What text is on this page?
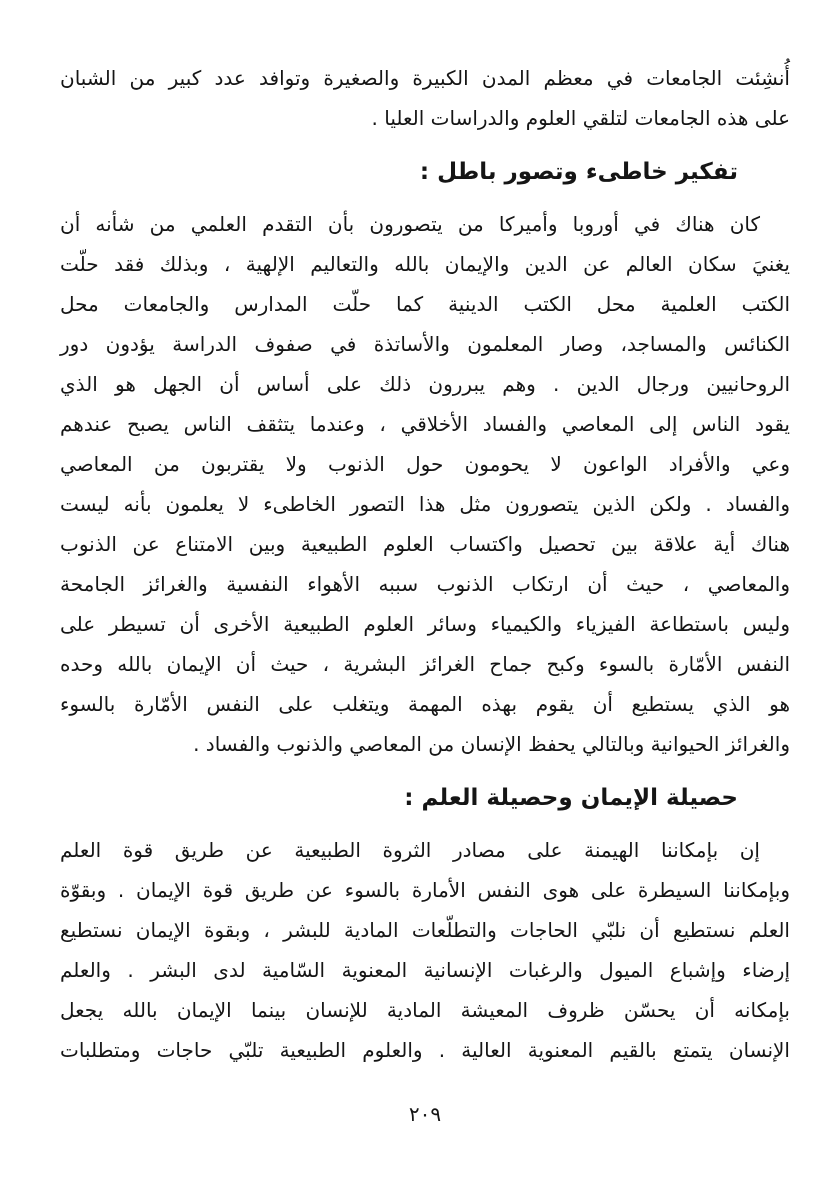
أُنشِئت الجامعات في معظم المدن الكبيرة والصغيرة وتوافد عدد كبير من الشبان
على هذه الجامعات لتلقي العلوم والدراسات العليا .
تفكير خاطىء وتصور باطل :
كان هناك في أوروبا وأميركا من يتصورون بأن التقدم العلمي من شأنه أن
يغنيَ سكان العالم عن الدين والإيمان بالله والتعاليم الإلهية ، وبذلك فقد حلّت
الكتب العلمية محل الكتب الدينية كما حلّت المدارس والجامعات محل
الكنائس والمساجد، وصار المعلمون والأساتذة في صفوف الدراسة يؤدون دور
الروحانيين ورجال الدين . وهم يبررون ذلك على أساس أن الجهل هو الذي
يقود الناس إلى المعاصي والفساد الأخلاقي ، وعندما يتثقف الناس يصبح عندهم
وعي والأفراد الواعون لا يحومون حول الذنوب ولا يقتربون من المعاصي
والفساد . ولكن الذين يتصورون مثل هذا التصور الخاطىء لا يعلمون بأنه ليست
هناك أية علاقة بين تحصيل واكتساب العلوم الطبيعية وبين الامتناع عن الذنوب
والمعاصي ، حيث أن ارتكاب الذنوب سببه الأهواء النفسية والغرائز الجامحة
وليس باستطاعة الفيزياء والكيمياء وسائر العلوم الطبيعية الأخرى أن تسيطر على
النفس الأمّارة بالسوء وكبح جماح الغرائز البشرية ، حيث أن الإيمان بالله وحده
هو الذي يستطيع أن يقوم بهذه المهمة ويتغلب على النفس الأمّارة بالسوء
والغرائز الحيوانية وبالتالي يحفظ الإنسان من المعاصي والذنوب والفساد .
حصيلة الإيمان وحصيلة العلم :
إن بإمكاننا الهيمنة على مصادر الثروة الطبيعية عن طريق قوة العلم
وبإمكاننا السيطرة على هوى النفس الأمارة بالسوء عن طريق قوة الإيمان . وبقوّة
العلم نستطيع أن نلبّي الحاجات والتطلّعات المادية للبشر ، وبقوة الإيمان نستطيع
إرضاء وإشباع الميول والرغبات الإنسانية المعنوية السّامية لدى البشر . والعلم
بإمكانه أن يحسّن ظروف المعيشة المادية للإنسان بينما الإيمان بالله يجعل
الإنسان يتمتع بالقيم المعنوية العالية . والعلوم الطبيعية تلبّي حاجات ومتطلبات
٢٠٩
